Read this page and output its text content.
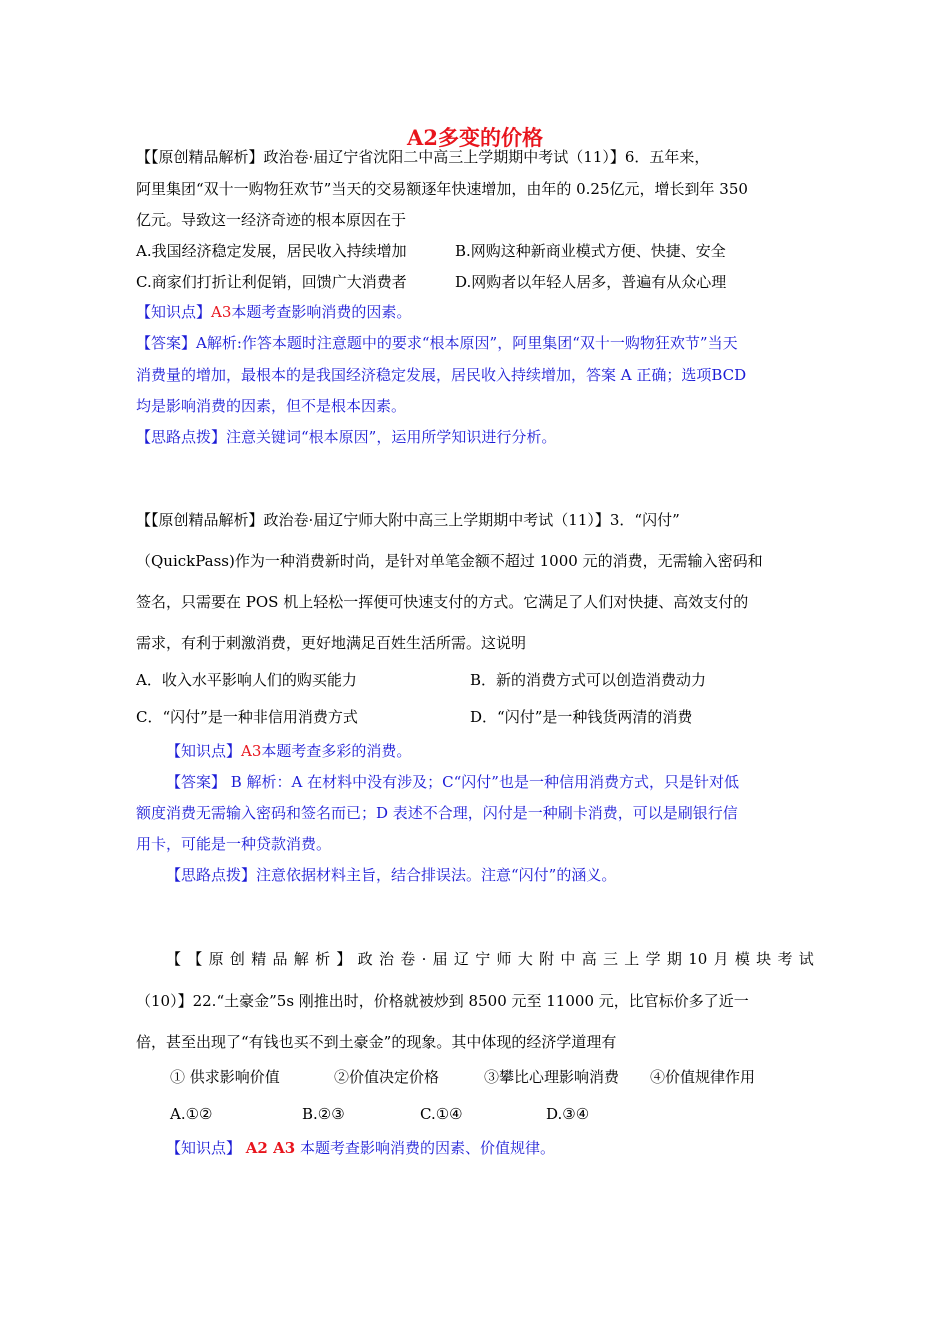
A2多变的价格
【【原创精品解析】政治卷·届辽宁省沈阳二中高三上学期期中考试（11）】6．五年来，
阿里集团“双十一购物狂欢节”当天的交易额逐年快速增加，由年的 0.25亿元，增长到年 350
亿元。导致这一经济奇迹的根本原因在于
A.我国经济稳定发展，居民收入持续增加	B.网购这种新商业模式方便、快捷、安全
C.商家们打折让利促销，回馈广大消费者	D.网购者以年轻人居多，普遍有从众心理
【知识点】A3本题考查影响消费的因素。
【答案】A解析:作答本题时注意题中的要求“根本原因”，阿里集团“双十一购物狂欢节”当天
消费量的增加，最根本的是我国经济稳定发展，居民收入持续增加，答案 A 正确；选项BCD
均是影响消费的因素，但不是根本因素。
【思路点拨】注意关键词“根本原因”，运用所学知识进行分析。
【【原创精品解析】政治卷·届辽宁师大附中高三上学期期中考试（11）】3．“闪付”
（QuickPass)作为一种消费新时尚，是针对单笔金额不超过 1000 元的消费，无需输入密码和
签名，只需要在 POS 机上轻松一挥便可快速支付的方式。它满足了人们对快捷、高效支付的
需求，有利于刺激消费，更好地满足百姓生活所需。这说明
A．收入水平影响人们的购买能力	B．新的消费方式可以创造消费动力
C．“闪付”是一种非信用消费方式	D．“闪付”是一种钱货两清的消费
【知识点】A3本题考查多彩的消费。
【答案】 B 解析：A 在材料中没有涉及；C“闪付”也是一种信用消费方式，只是针对低
额度消费无需输入密码和签名而已；D 表述不合理，闪付是一种刷卡消费，可以是刷银行信
用卡，可能是一种贷款消费。
【思路点拨】注意依据材料主旨，结合排误法。注意“闪付”的涵义。
【 【 原 创 精 品 解 析 】 政 治 卷 · 届 辽 宁 师 大 附 中 高 三 上 学 期 10 月 模 块 考 试
（10）】22.“土豪金”5s 刚推出时，价格就被炒到 8500 元至 11000 元，比官标价多了近一
倍，甚至出现了“有钱也买不到土豪金”的现象。其中体现的经济学道理有
① 供求影响价值	②价值决定价格	③攀比心理影响消费 ④价值规律作用
A.①②	B.②③	C.①④	D.③④
【知识点】 A2 A3 本题考查影响消费的因素、价值规律。
